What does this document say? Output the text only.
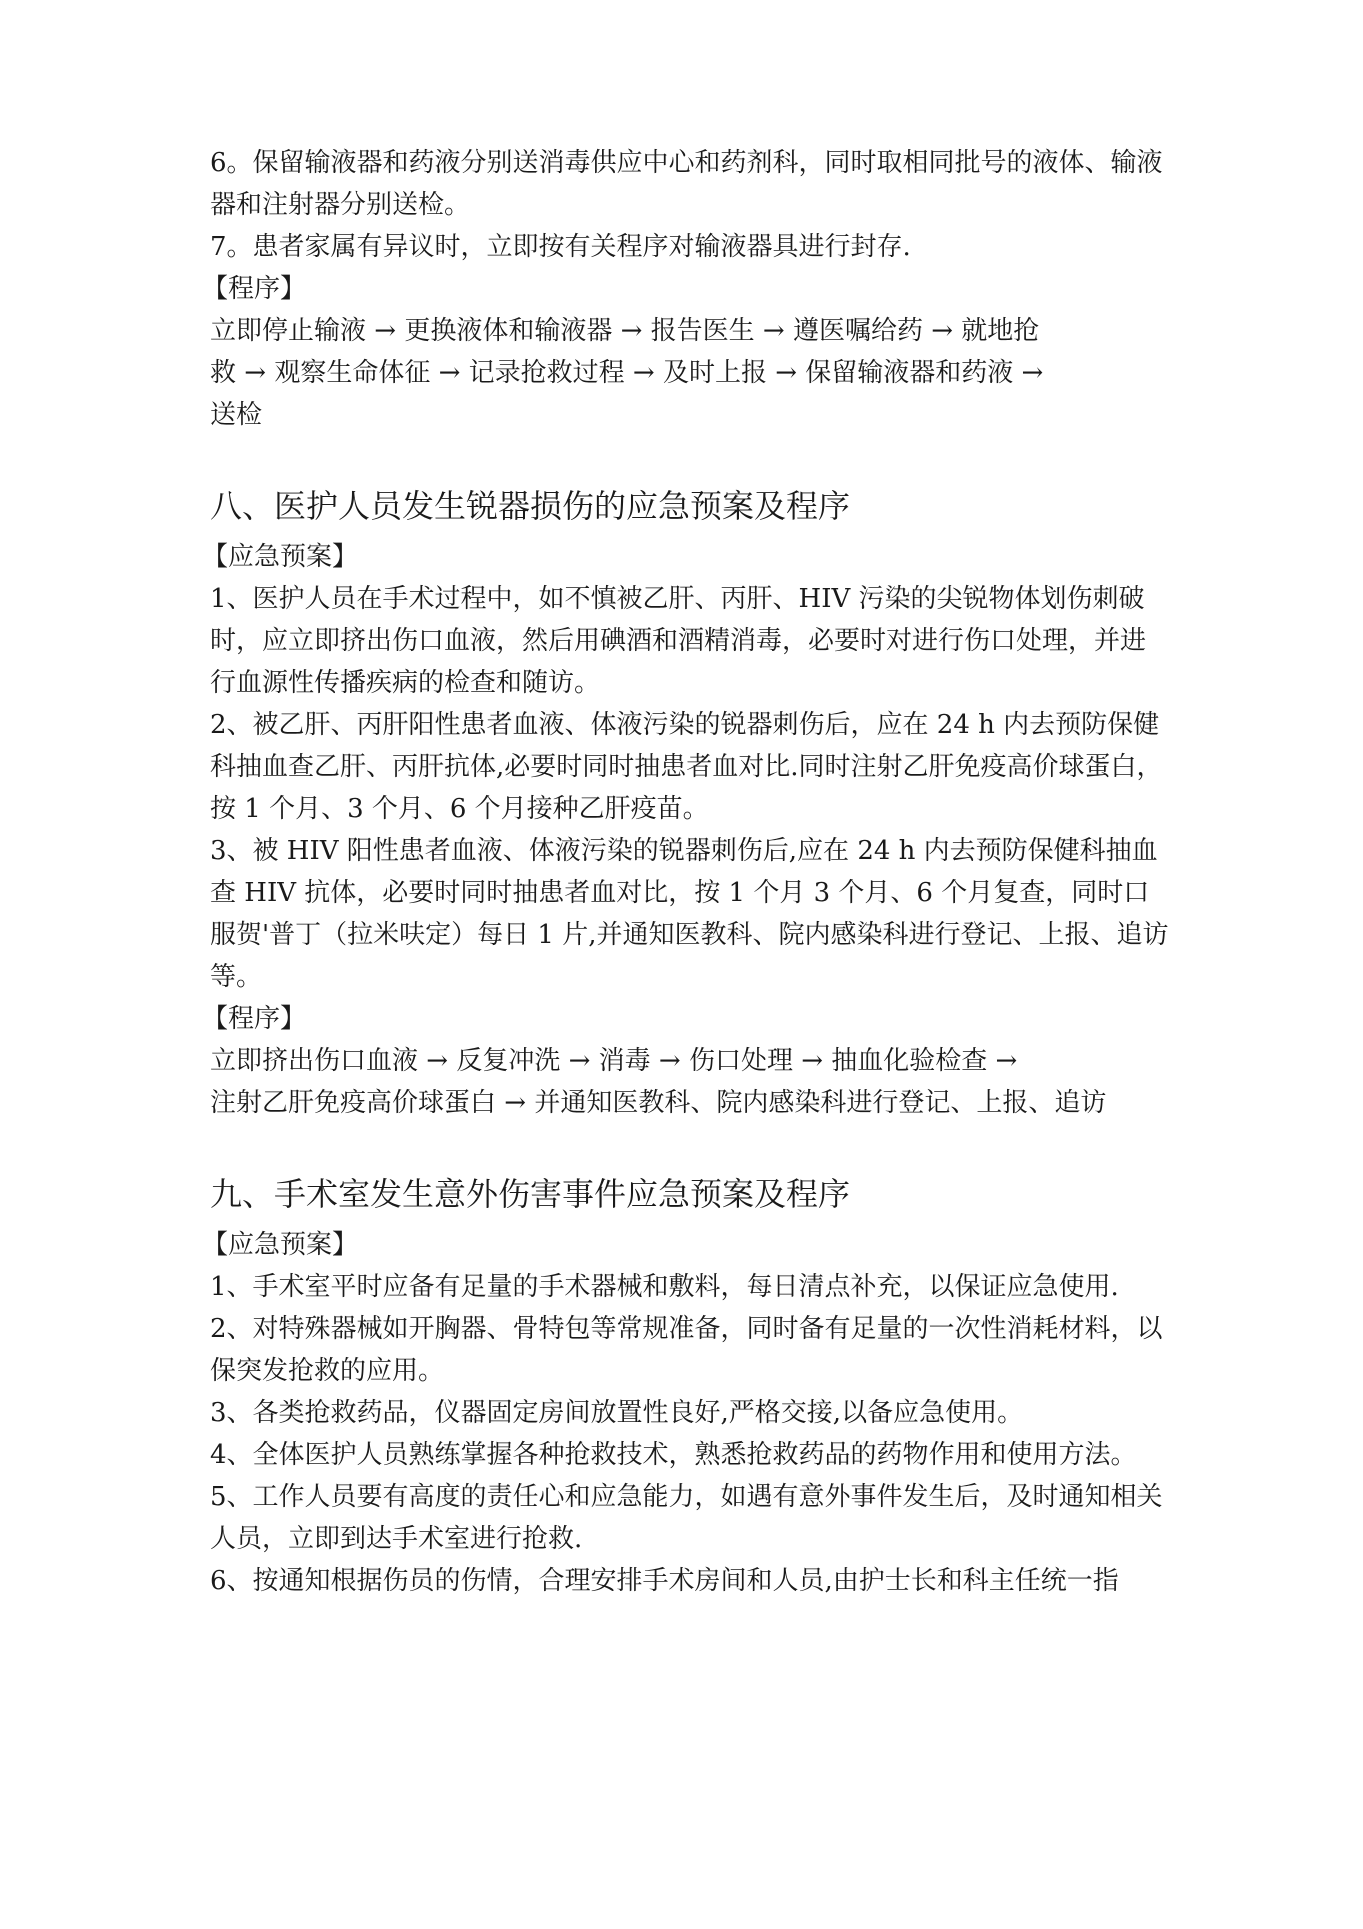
6。保留输液器和药液分别送消毒供应中心和药剂科，同时取相同批号的液体、输液器和注射器分别送检。

7。患者家属有异议时，立即按有关程序对输液器具进行封存.

【程序】

立即停止输液 → 更换液体和输液器 → 报告医生 → 遵医嘱给药 → 就地抢

救 → 观察生命体征 → 记录抢救过程 → 及时上报 → 保留输液器和药液 →

送检

八、医护人员发生锐器损伤的应急预案及程序

【应急预案】

1、医护人员在手术过程中，如不慎被乙肝、丙肝、HIV 污染的尖锐物体划伤刺破时，应立即挤出伤口血液，然后用碘酒和酒精消毒，必要时对进行伤口处理，并进行血源性传播疾病的检查和随访。

2、被乙肝、丙肝阳性患者血液、体液污染的锐器刺伤后，应在 24 h 内去预防保健科抽血查乙肝、丙肝抗体,必要时同时抽患者血对比.同时注射乙肝免疫高价球蛋白，按 1 个月、3 个月、6 个月接种乙肝疫苗。

3、被 HIV 阳性患者血液、体液污染的锐器刺伤后,应在 24 h 内去预防保健科抽血查 HIV 抗体，必要时同时抽患者血对比，按 1 个月 3 个月、6 个月复查，同时口服贺'普丁（拉米呋定）每日 1 片,并通知医教科、院内感染科进行登记、上报、追访等。

【程序】

立即挤出伤口血液 → 反复冲洗 → 消毒 → 伤口处理 → 抽血化验检查 →

注射乙肝免疫高价球蛋白 → 并通知医教科、院内感染科进行登记、上报、追访

九、手术室发生意外伤害事件应急预案及程序

【应急预案】

1、手术室平时应备有足量的手术器械和敷料，每日清点补充，以保证应急使用.

2、对特殊器械如开胸器、骨特包等常规准备，同时备有足量的一次性消耗材料，以保突发抢救的应用。

3、各类抢救药品，仪器固定房间放置性良好,严格交接,以备应急使用。

4、全体医护人员熟练掌握各种抢救技术，熟悉抢救药品的药物作用和使用方法。

5、工作人员要有高度的责任心和应急能力，如遇有意外事件发生后，及时通知相关人员，立即到达手术室进行抢救.

6、按通知根据伤员的伤情，合理安排手术房间和人员,由护士长和科主任统一指
